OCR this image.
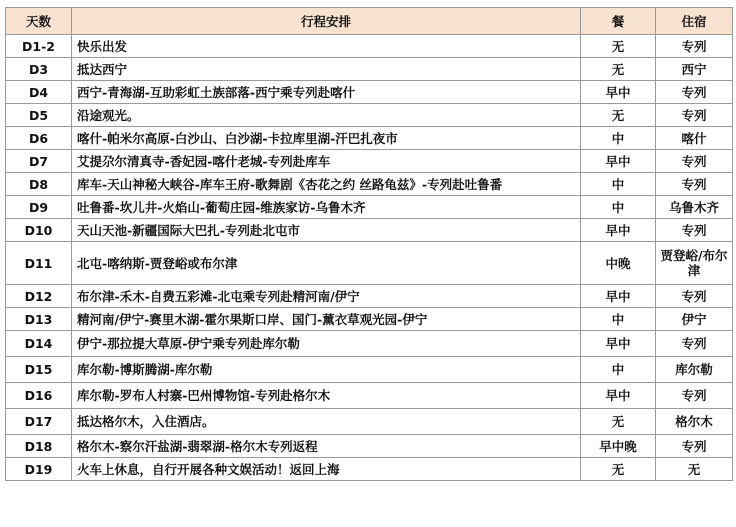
天数	行程安排	餐	住宿
D1-2	快乐出发	无	专列
D3	抵达西宁	无	西宁
D4	西宁-青海湖-互助彩虹土族部落-西宁乘专列赴喀什	早中	专列
D5	沿途观光。	无	专列
D6	喀什-帕米尔高原-白沙山、白沙湖-卡拉库里湖-汗巴扎夜市	中	喀什
D7	艾提尕尔清真寺-香妃园-喀什老城-专列赴库车	早中	专列
D8	库车-天山神秘大峡谷-库车王府-歌舞剧《杏花之约 丝路龟兹》-专列赴吐鲁番	中	专列
D9	吐鲁番-坎儿井-火焰山-葡萄庄园-维族家访-乌鲁木齐	中	乌鲁木齐
D10	天山天池-新疆国际大巴扎-专列赴北屯市	早中	专列
D11	北屯-喀纳斯-贾登峪或布尔津	中晚	贾登峪/布尔津
D12	布尔津-禾木-自费五彩滩-北屯乘专列赴精河南/伊宁	早中	专列
D13	精河南/伊宁-赛里木湖-霍尔果斯口岸、国门-薰衣草观光园-伊宁	中	伊宁
D14	伊宁-那拉提大草原-伊宁乘专列赴库尔勒	早中	专列
D15	库尔勒-博斯腾湖-库尔勒	中	库尔勒
D16	库尔勒-罗布人村寨-巴州博物馆-专列赴格尔木	早中	专列
D17	抵达格尔木，入住酒店。	无	格尔木
D18	格尔木-察尔汗盐湖-翡翠湖-格尔木专列返程	早中晚	专列
D19	火车上休息，自行开展各种文娱活动！返回上海	无	无
